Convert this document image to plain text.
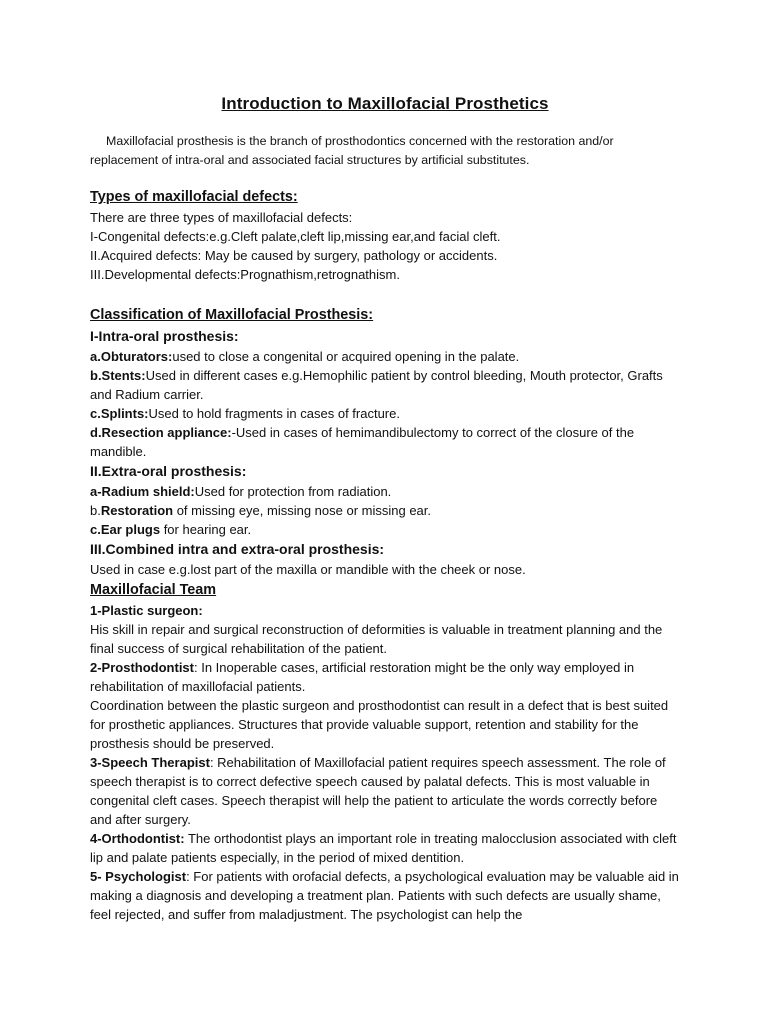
Introduction to Maxillofacial Prosthetics

Maxillofacial prosthesis is the branch of prosthodontics concerned with the restoration and/or replacement of intra-oral and associated facial structures by artificial substitutes.

Types of maxillofacial defects:

There are three types of maxillofacial defects:

I-Congenital defects:e.g.Cleft palate,cleft lip,missing ear,and facial cleft.

II.Acquired defects: May be caused by surgery, pathology or accidents.

III.Developmental defects:Prognathism,retrognathism.

Classification of Maxillofacial Prosthesis:
I-Intra-oral prosthesis:

a.Obturators:used to close a congenital or acquired opening in the palate.

b.Stents:Used in different cases e.g.Hemophilic patient by control bleeding, Mouth protector, Grafts and Radium carrier.

c.Splints:Used to hold fragments in cases of fracture.

d.Resection appliance:-Used in cases of hemimandibulectomy to correct of the closure of the mandible.

II.Extra-oral prosthesis:

a-Radium shield:Used for protection from radiation.

b.Restoration of missing eye, missing nose or missing ear.

c.Ear plugs for hearing ear.

III.Combined intra and extra-oral prosthesis:

Used in case e.g.lost part of the maxilla or mandible with the cheek or nose.

Maxillofacial Team

1-Plastic surgeon:

His skill in repair and surgical reconstruction of deformities is valuable in treatment planning and the final success of surgical rehabilitation of the patient.

2-Prosthodontist: In Inoperable cases, artificial restoration might be the only way employed in rehabilitation of maxillofacial patients.

Coordination between the plastic surgeon and prosthodontist can result in a defect that is best suited for prosthetic appliances. Structures that provide valuable support, retention and stability for the prosthesis should be preserved.

3-Speech Therapist: Rehabilitation of Maxillofacial patient requires speech assessment. The role of speech therapist is to correct defective speech caused by palatal defects. This is most valuable in congenital cleft cases. Speech therapist will help the patient to articulate the words correctly before and after surgery.

4-Orthodontist: The orthodontist plays an important role in treating malocclusion associated with cleft lip and palate patients especially, in the period of mixed dentition.

5- Psychologist: For patients with orofacial defects, a psychological evaluation may be valuable aid in making a diagnosis and developing a treatment plan. Patients with such defects are usually shame, feel rejected, and suffer from maladjustment. The psychologist can help the
